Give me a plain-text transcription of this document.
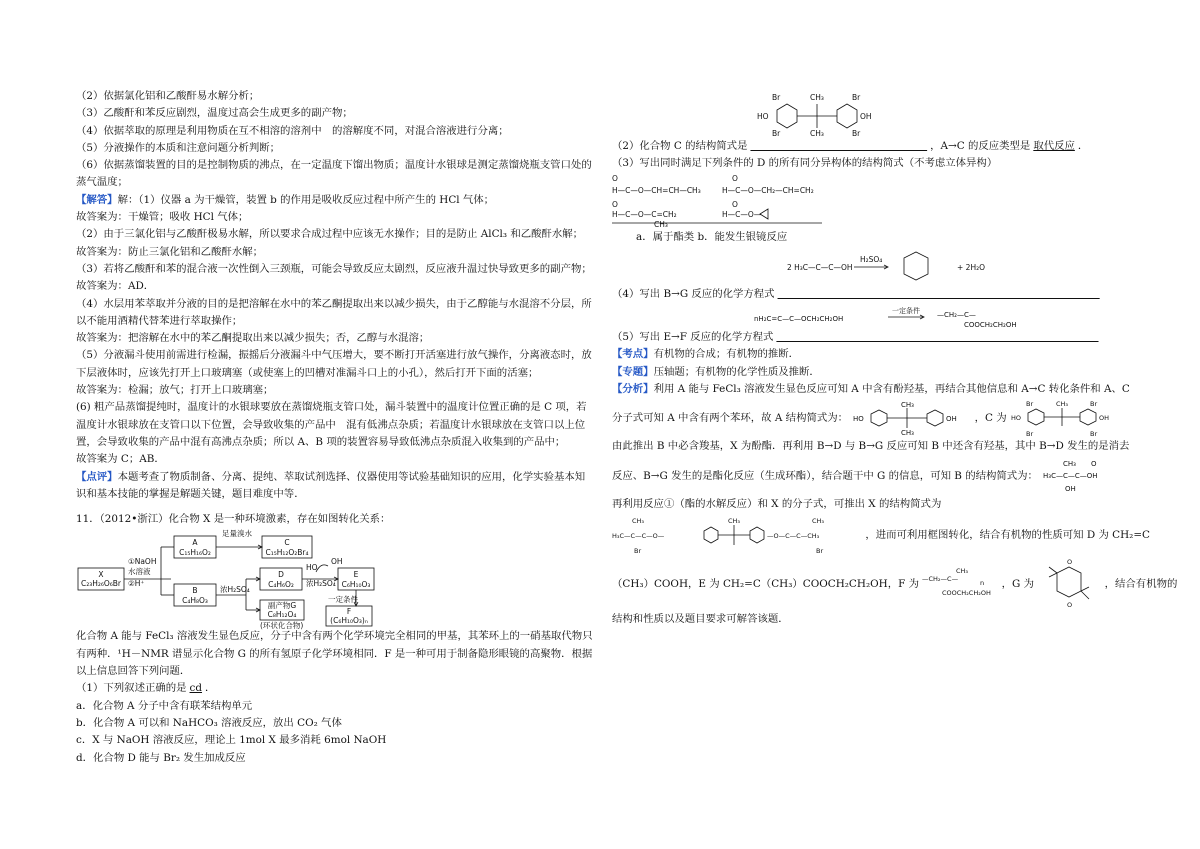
（2）依据氯化铝和乙酸酐易水解分析；
（3）乙酸酐和苯反应剧烈，温度过高会生成更多的副产物；
（4）依据萃取的原理是利用物质在互不相溶的溶剂中　的溶解度不同，对混合溶液进行分离；
（5）分液操作的本质和注意问题分析判断；
（6）依据蒸馏装置的目的是控制物质的沸点，在一定温度下馏出物质；温度计水银球是测定蒸馏烧瓶支管口处的蒸气温度；
【解答】解：（1）仪器 a 为干燥管，装置 b 的作用是吸收反应过程中所产生的 HCl 气体；
故答案为：干燥管；吸收 HCl 气体；
（2）由于三氯化铝与乙酸酐极易水解，所以要求合成过程中应该无水操作；目的是防止 AlCl₃ 和乙酸酐水解；
故答案为：防止三氯化铝和乙酸酐水解；
（3）若将乙酸酐和苯的混合液一次性倒入三颈瓶，可能会导致反应太剧烈，反应液升温过快导致更多的副产物；
故答案为：AD．
（4）水层用苯萃取并分液的目的是把溶解在水中的苯乙酮提取出来以减少损失，由于乙醇能与水混溶不分层，所以不能用酒精代替苯进行萃取操作；
故答案为：把溶解在水中的苯乙酮提取出来以减少损失；否，乙醇与水混溶；
（5）分液漏斗使用前需进行检漏，振摇后分液漏斗中气压增大，要不断打开活塞进行放气操作，分离液态时，放下层液体时，应该先打开上口玻璃塞（或使塞上的凹槽对准漏斗口上的小孔），然后打开下面的活塞；
故答案为：检漏；放气；打开上口玻璃塞；
(6) 粗产品蒸馏提纯时，温度计的水银球要放在蒸馏烧瓶支管口处，漏斗装置中的温度计位置正确的是 C 项，若温度计水银球放在支管口以下位置，会导致收集的产品中　混有低沸点杂质；若温度计水银球放在支管口以上位置，会导致收集的产品中混有高沸点杂质；所以 A、B 项的装置容易导致低沸点杂质混入收集到的产品中；
故答案为 C；AB．
【点评】本题考查了物质制备、分离、提纯、萃取试剂选择、仪器使用等试验基础知识的应用，化学实验基本知识和基本技能的掌握是解题关键，题目难度中等．
11．（2012•浙江）化合物 X 是一种环境激素，存在如图转化关系：
X
C₂₃H₂₆O₆Br
①NaOH
水溶液
②H⁺
A
C₁₅H₁₆O₂
足量溴水
C
C₁₅H₁₂O₂Br₄
B
C₄H₈O₃
浓H₂SO₄
D
C₄H₆O₂
HO
OH
浓H₂SO₄
E
C₆H₁₀O₃
一定条件
F
(C₆H₁₀O₃)ₙ
副产物G
C₈H₁₂O₄
(环状化合物)
化合物 A 能与 FeCl₃ 溶液发生显色反应，分子中含有两个化学环境完全相同的甲基，其苯环上的一硝基取代物只有两种．¹H－NMR 谱显示化合物 G 的所有氢原子化学环境相同．F 是一种可用于制备隐形眼镜的高聚物．根据以上信息回答下列问题．
（1）下列叙述正确的是 cd ．
a．化合物 A 分子中含有联苯结构单元
b．化合物 A 可以和 NaHCO₃ 溶液反应，放出 CO₂ 气体
c．X 与 NaOH 溶液反应，理论上 1mol X 最多消耗 6mol NaOH
d．化合物 D 能与 Br₂ 发生加成反应
Br
Br
Br
Br
HO	OH
CH₃
CH₃
（2）化合物 C 的结构简式是　　　　　　　　　　　　　　　　　	，A→C 的反应类型是 取代反应 ．
（3）写出同时满足下列条件的 D 的所有同分异构体的结构简式（不考虑立体异构）
O
H—C—O—CH=CH—CH₃
O
H—C—O—CH₂—CH=CH₂
O
H—C—O—C=CH₂
CH₃
O
H—C—O—
a．属于酯类 b．能发生银镜反应
2 H₃C—C—C—OH
H₂SO₄
+ 2H₂O
（4）写出 B→G 反应的化学方程式　　　　　　　　　　　　　　　　　　　　　　　　　　　　　　　
nH₂C=C—C—OCH₂CH₂OH
一定条件 —CH₂—C—
COOCH₂CH₂OH
（5）写出 E→F 反应的化学方程式　　　　　　　　　　　　　　　　　　　　　　　　　　　　　　　
【考点】有机物的合成；有机物的推断．
【专题】压轴题；有机物的化学性质及推断．
【分析】利用 A 能与 FeCl₃ 溶液发生显色反应可知 A 中含有酚羟基，再结合其他信息和 A→C 转化条件和 A、C
分子式可知 A 中含有两个苯环，故 A 结构简式为： HO	OH
CH₃
CH₃
，C 为
Br
Br
Br
Br
HO	OH
CH₃
由此推出 B 中必含羧基，X 为酚酯．再利用 B→D 与 B→G 反应可知 B 中还含有羟基，其中 B→D 发生的是消去
反应、B→G 发生的是酯化反应（生成环酯），结合题干中 G 的信息，可知 B 的结构简式为： H₃C—C—C—OH
CH₃
OH
O
再利用反应①（酯的水解反应）和 X 的分子式，可推出 X 的结构简式为
H₃C—C—C—O—	—O—C—C—CH₃
CH₃
Br
CH₃	CH₃
Br
，进而可利用框图转化，结合有机物的性质可知 D 为 CH₂=C
（CH₃）COOH，E 为 CH₂=C（CH₃）COOCH₂CH₂OH，F 为 —CH₂—C—
CH₃
COOCH₂CH₂OH
n ，G 为
O
O
，结合有机物的
结构和性质以及题目要求可解答该题．
